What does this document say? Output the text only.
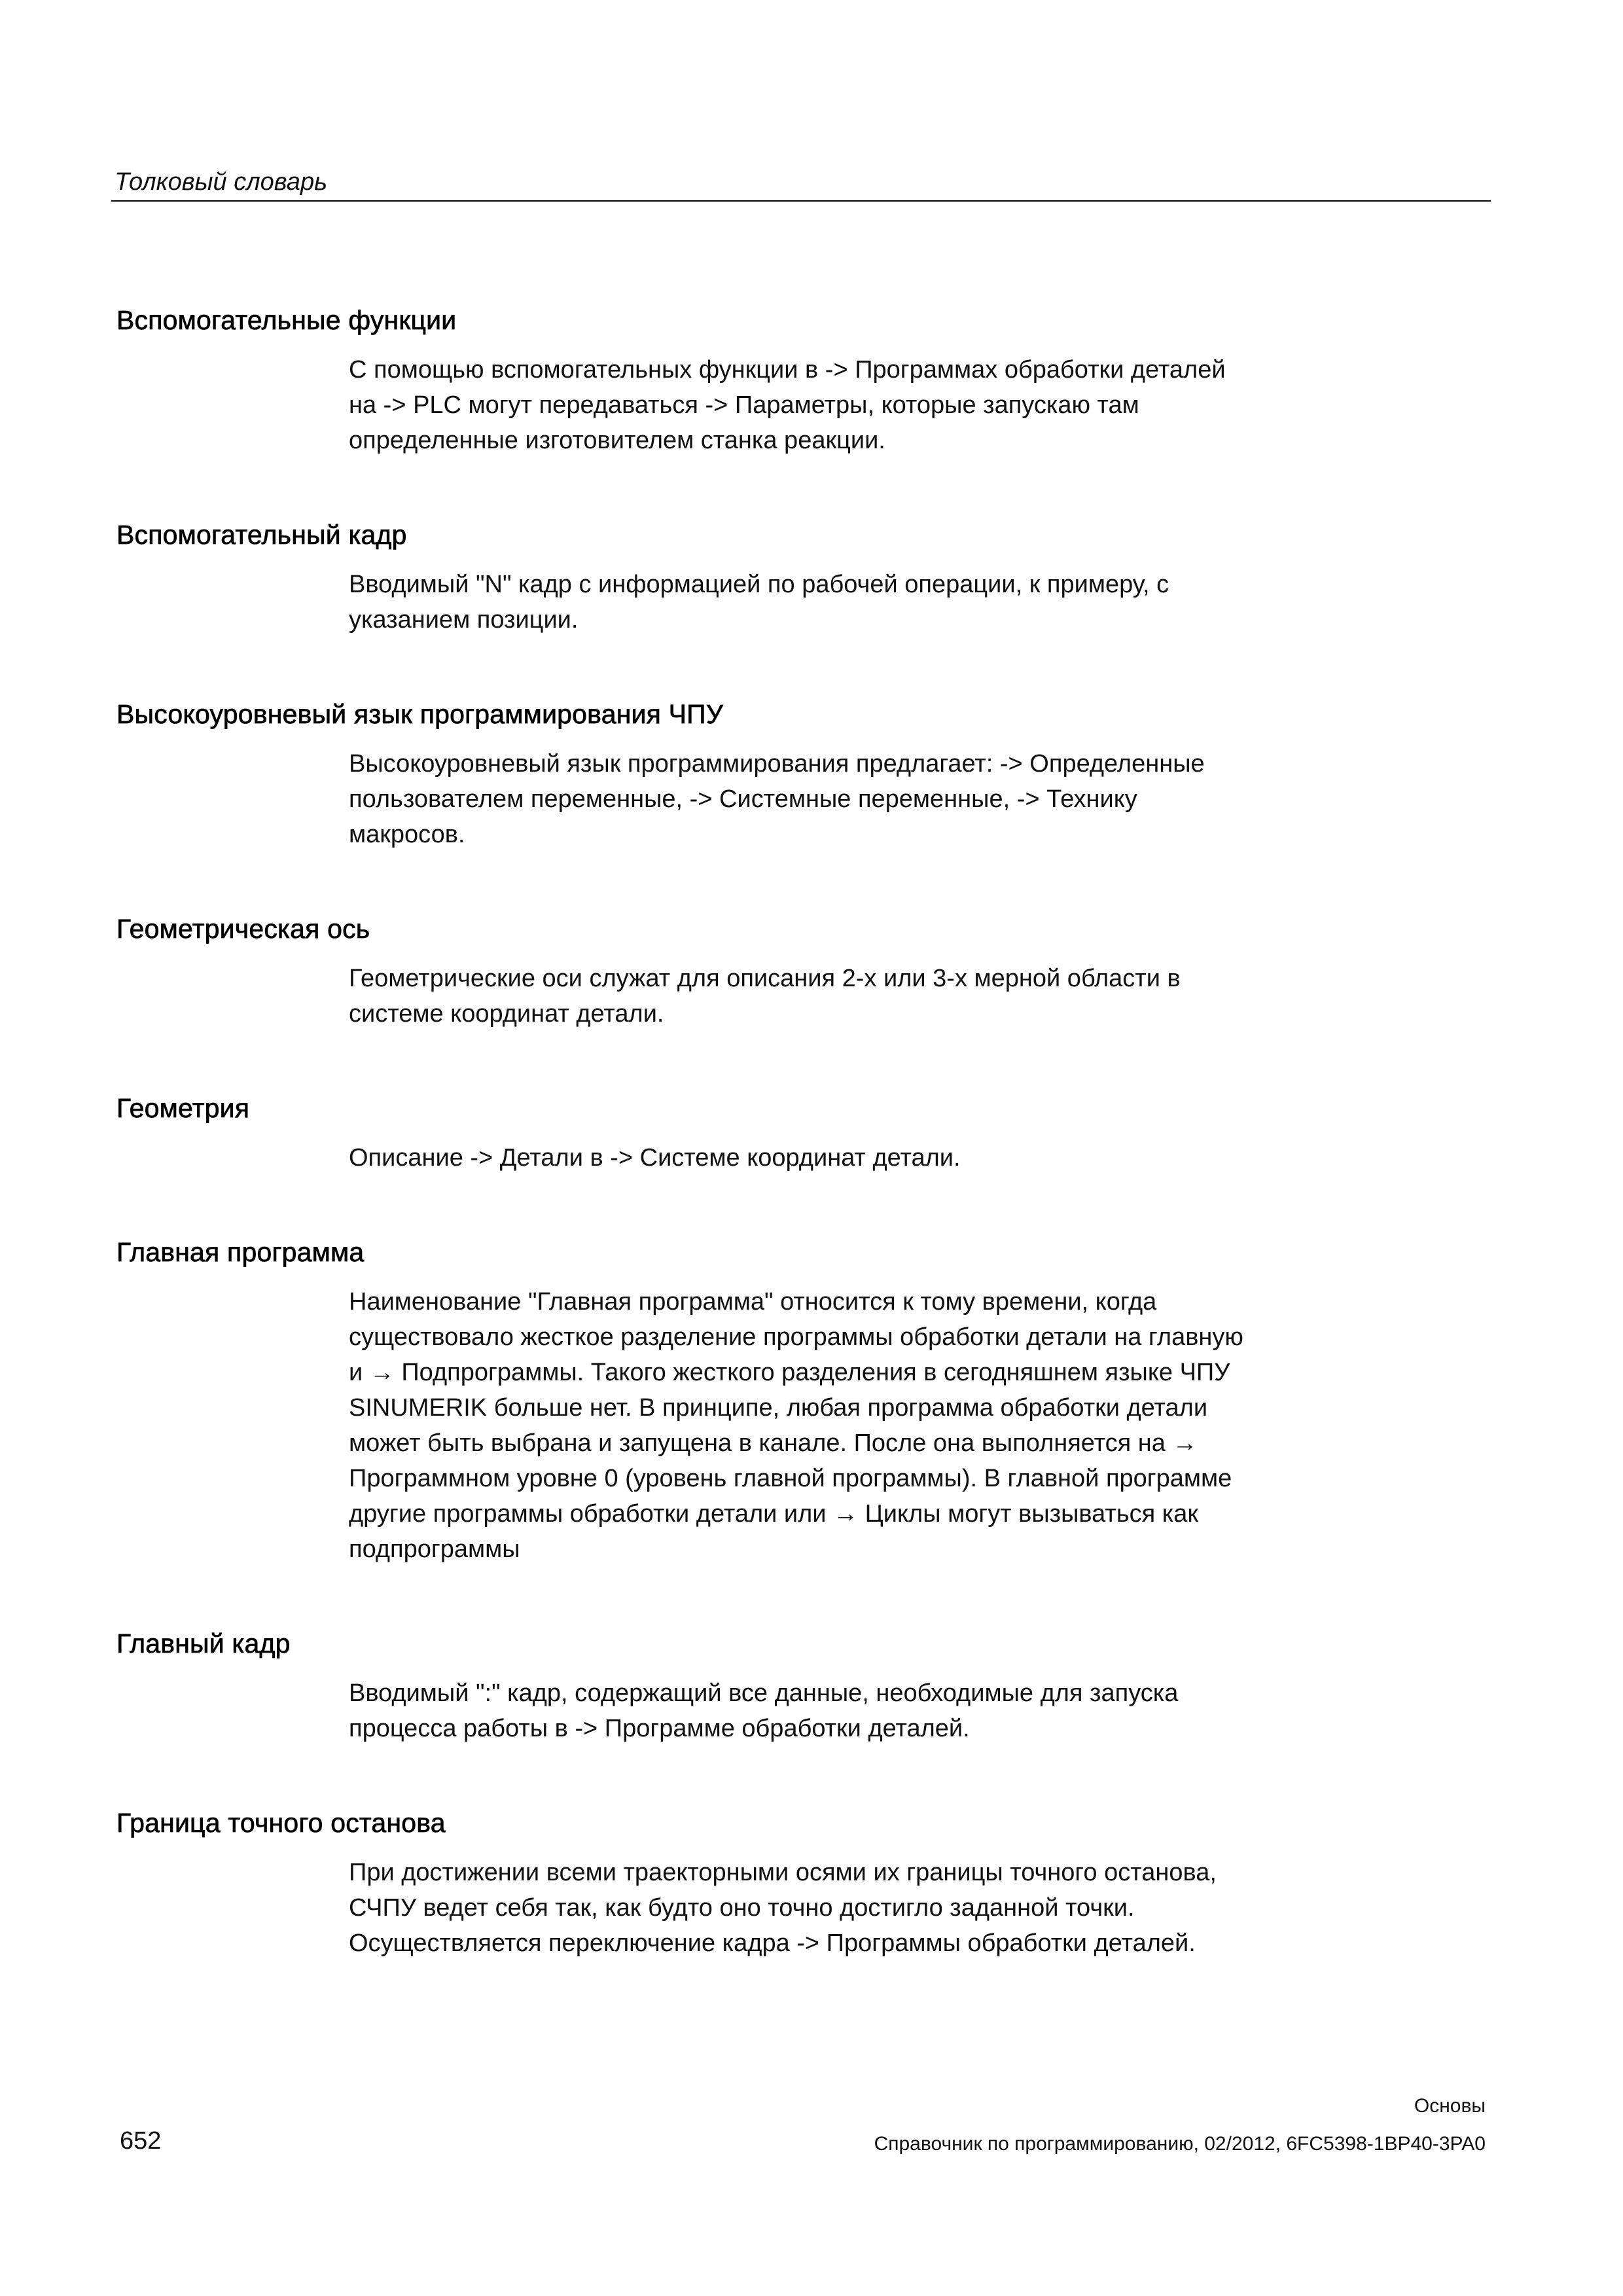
Толковый словарь
Вспомогательные функции

С помощью вспомогательных функции в -> Программах обработки деталей на -> PLC могут передаваться -> Параметры, которые запускаю там определенные изготовителем станка реакции.

Вспомогательный кадр

Вводимый "N" кадр с информацией по рабочей операции, к примеру, с указанием позиции.

Высокоуровневый язык программирования ЧПУ

Высокоуровневый язык программирования предлагает: -> Определенные пользователем переменные, -> Системные переменные, -> Технику макросов.

Геометрическая ось

Геометрические оси служат для описания 2-х или 3-х мерной области в системе координат детали.

Геометрия

Описание -> Детали в -> Системе координат детали.

Главная программа

Наименование "Главная программа" относится к тому времени, когда существовало жесткое разделение программы обработки детали на главную и → Подпрограммы. Такого жесткого разделения в сегодняшнем языке ЧПУ SINUMERIK больше нет. В принципе, любая программа обработки детали может быть выбрана и запущена в канале. После она выполняется на → Программном уровне 0 (уровень главной программы). В главной программе другие программы обработки детали или → Циклы могут вызываться как подпрограммы

Главный кадр

Вводимый ":" кадр, содержащий все данные, необходимые для запуска процесса работы в -> Программе обработки деталей.

Граница точного останова

При достижении всеми траекторными осями их границы точного останова, СЧПУ ведет себя так, как будто оно точно достигло заданной точки. Осуществляется переключение кадра -> Программы обработки деталей.

Основы
652	Справочник по программированию, 02/2012, 6FC5398-1BP40-3PA0
